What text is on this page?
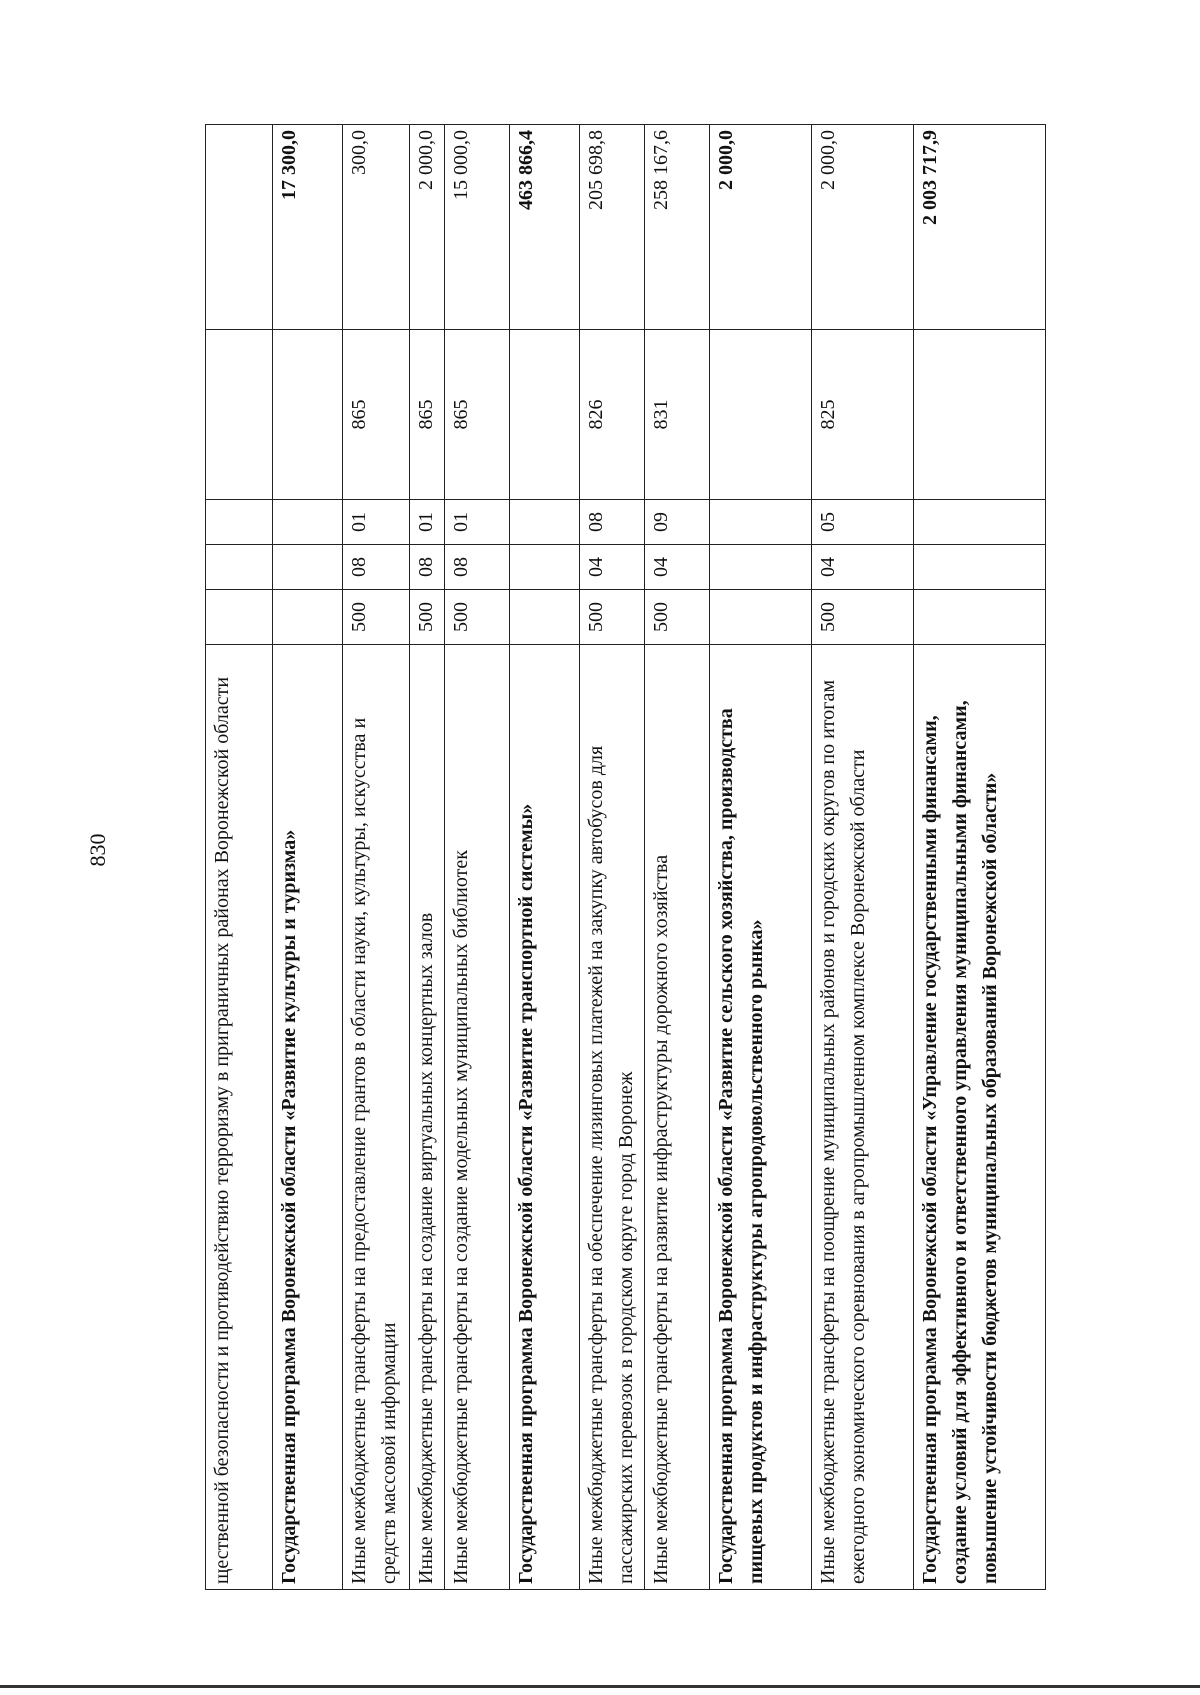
830	щественной безопасности и противодействию терроризму в приграничных районах Воронежской области					
Государственная программа Воронежской области «Развитие культуры и туризма»					17 300,0
Иные межбюджетные трансферты на предоставление грантов в области науки, культуры, искусства и средств массовой информации	500	08	01	865	300,0
Иные межбюджетные трансферты на создание виртуальных концертных залов	500	08	01	865	2 000,0
Иные межбюджетные трансферты на создание модельных муниципальных библиотек	500	08	01	865	15 000,0
Государственная программа Воронежской области «Развитие транспортной системы»					463 866,4
Иные межбюджетные трансферты на обеспечение лизинговых платежей на закупку автобусов для пассажирских перевозок в городском округе город Воронеж	500	04	08	826	205 698,8
Иные межбюджетные трансферты на развитие инфраструктуры дорожного хозяйства	500	04	09	831	258 167,6
Государственная программа Воронежской области «Развитие сельского хозяйства, производства пищевых продуктов и инфраструктуры агропродовольственного рынка»					2 000,0
Иные межбюджетные трансферты на поощрение муниципальных районов и городских округов по итогам ежегодного экономического соревнования в агропромышленном комплексе Воронежской области	500	04	05	825	2 000,0
Государственная программа Воронежской области «Управление государственными финансами, создание условий для эффективного и ответственного управления муниципальными финансами, повышение устойчивости бюджетов муниципальных образований Воронежской области»					2 003 717,9
